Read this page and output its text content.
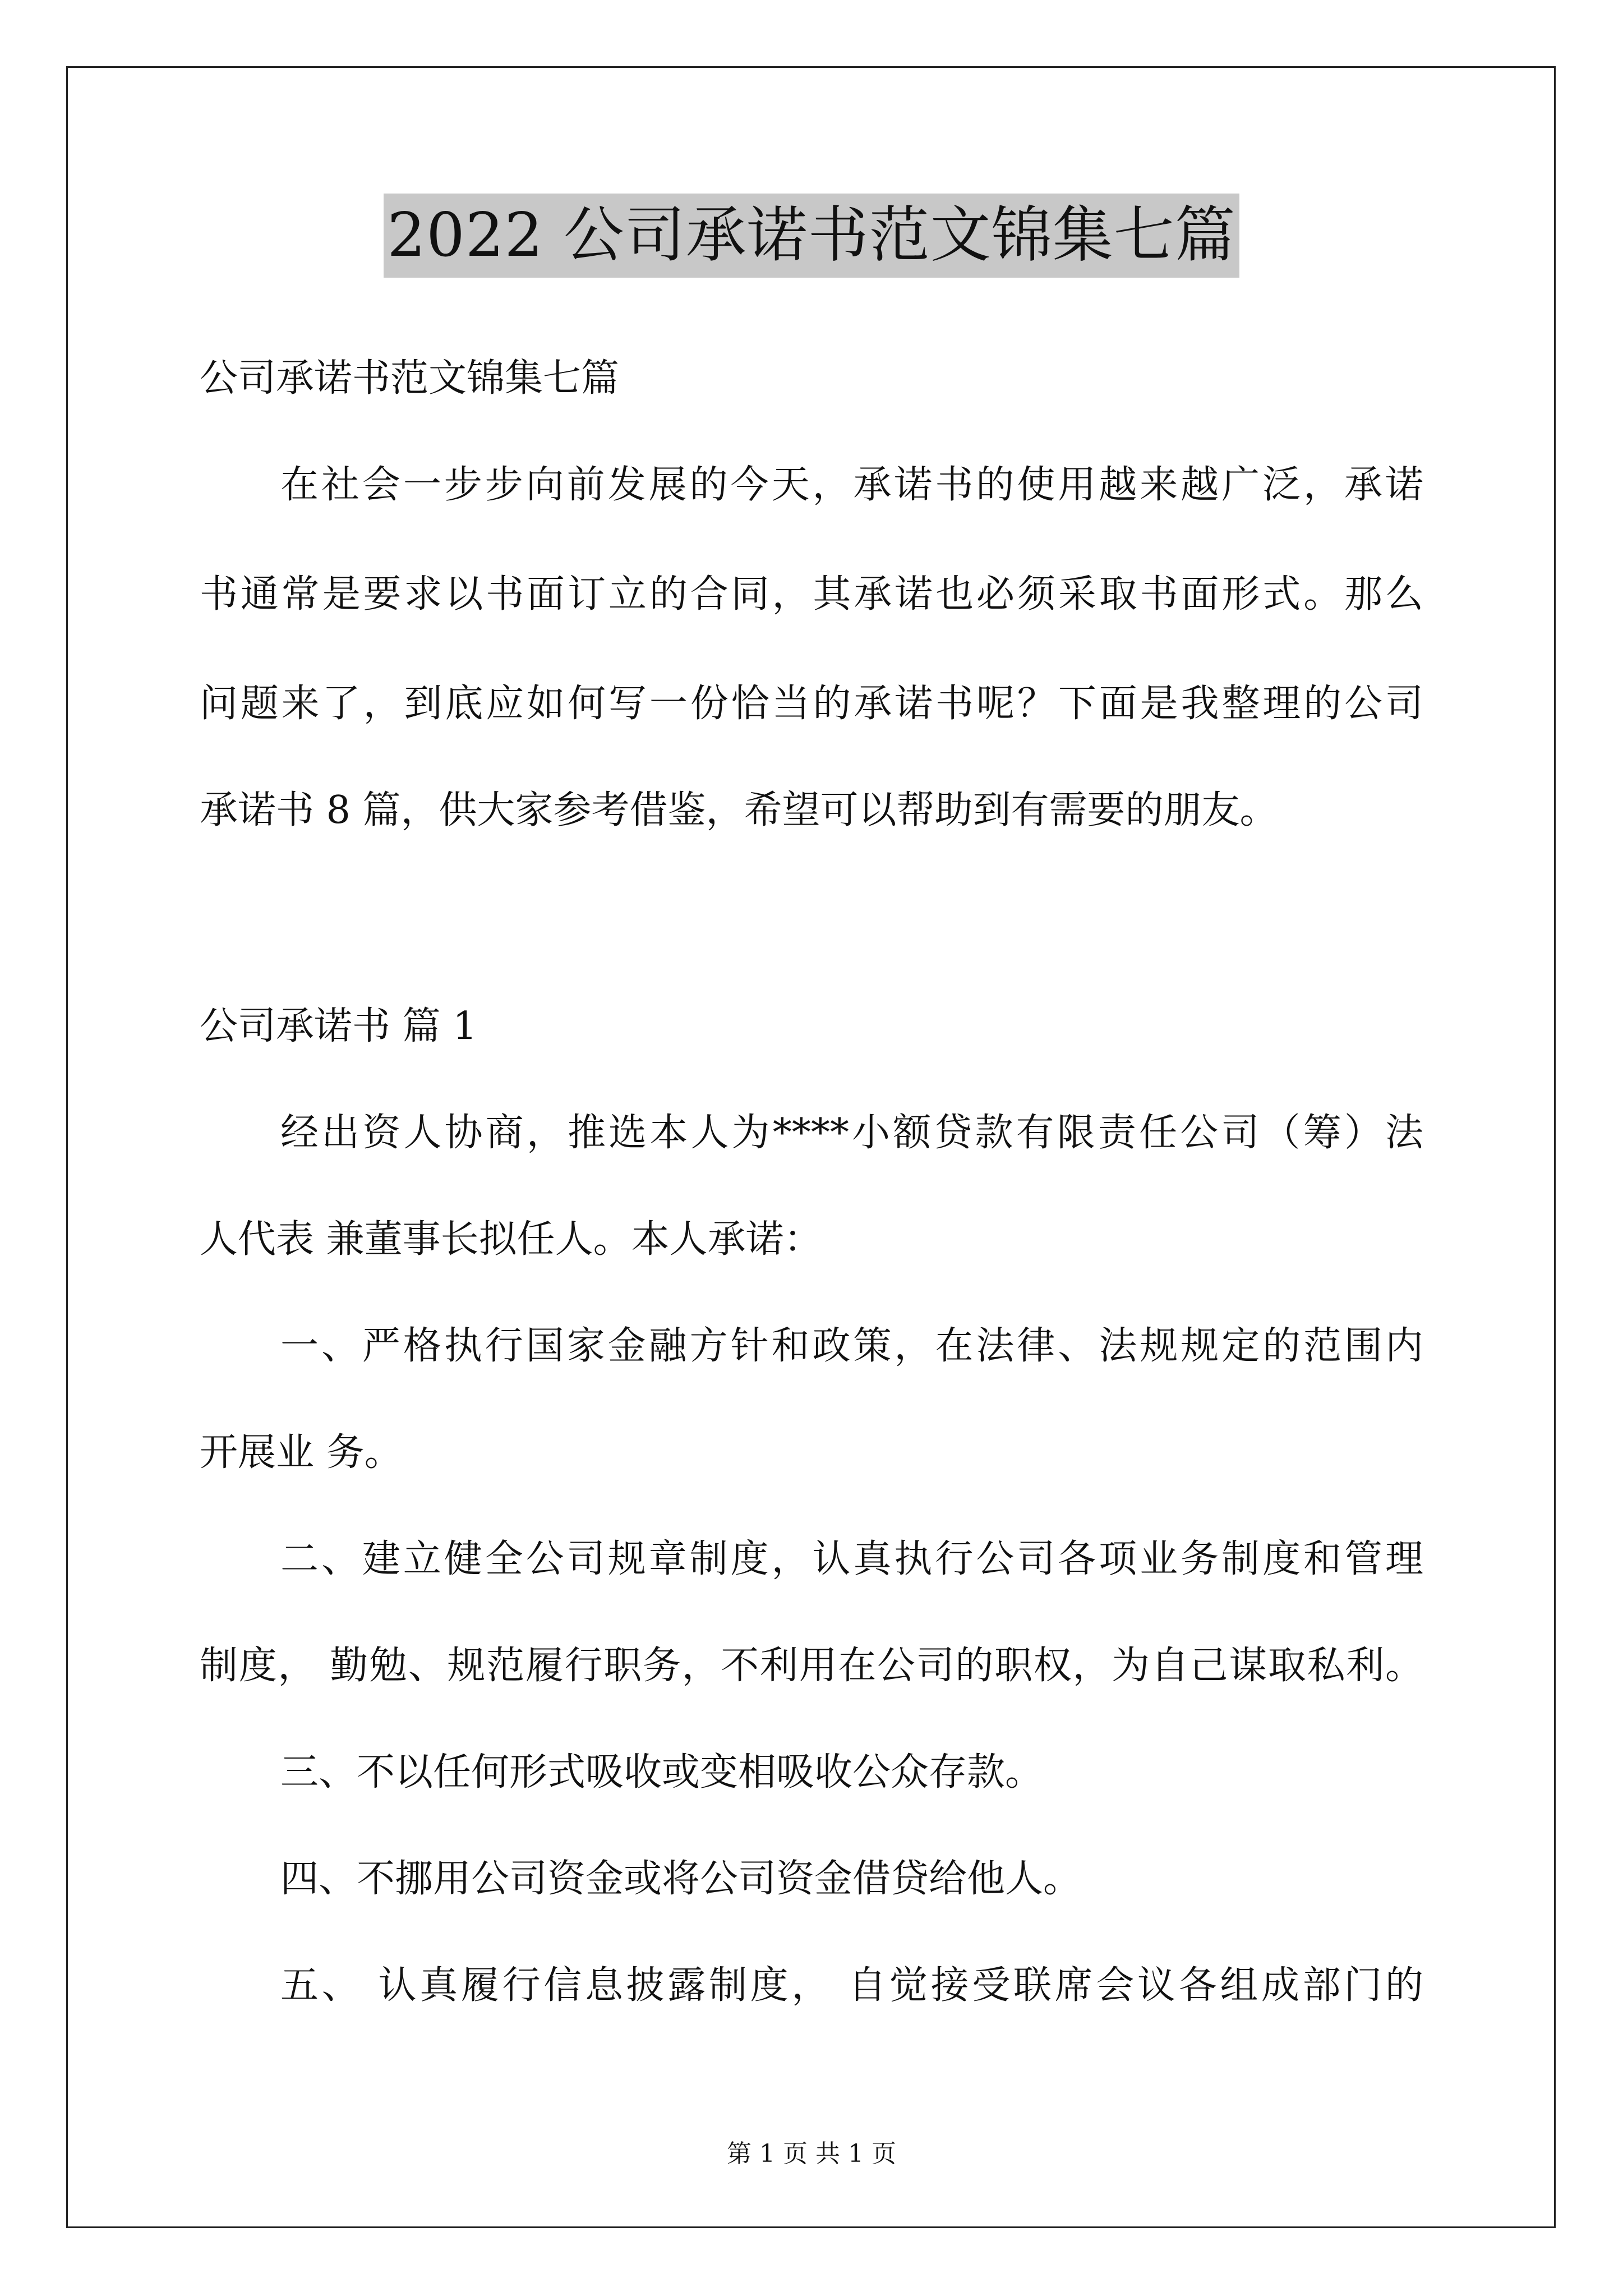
2022 公司承诺书范文锦集七篇
公司承诺书范文锦集七篇
在社会一步步向前发展的今天，承诺书的使用越来越广泛，承诺
书通常是要求以书面订立的合同，其承诺也必须采取书面形式。那么
问题来了，到底应如何写一份恰当的承诺书呢？下面是我整理的公司
承诺书 8 篇，供大家参考借鉴，希望可以帮助到有需要的朋友。
公司承诺书 篇 1
经出资人协商，推选本人为****小额贷款有限责任公司（筹）法
人代表 兼董事长拟任人。本人承诺：
一、严格执行国家金融方针和政策，在法律、法规规定的范围内
开展业 务。
二、建立健全公司规章制度，认真执行公司各项业务制度和管理
制度， 勤勉、规范履行职务，不利用在公司的职权，为自己谋取私利。
三、不以任何形式吸收或变相吸收公众存款。
四、不挪用公司资金或将公司资金借贷给他人。
五、 认真履行信息披露制度， 自觉接受联席会议各组成部门的
第 1 页 共 1 页
